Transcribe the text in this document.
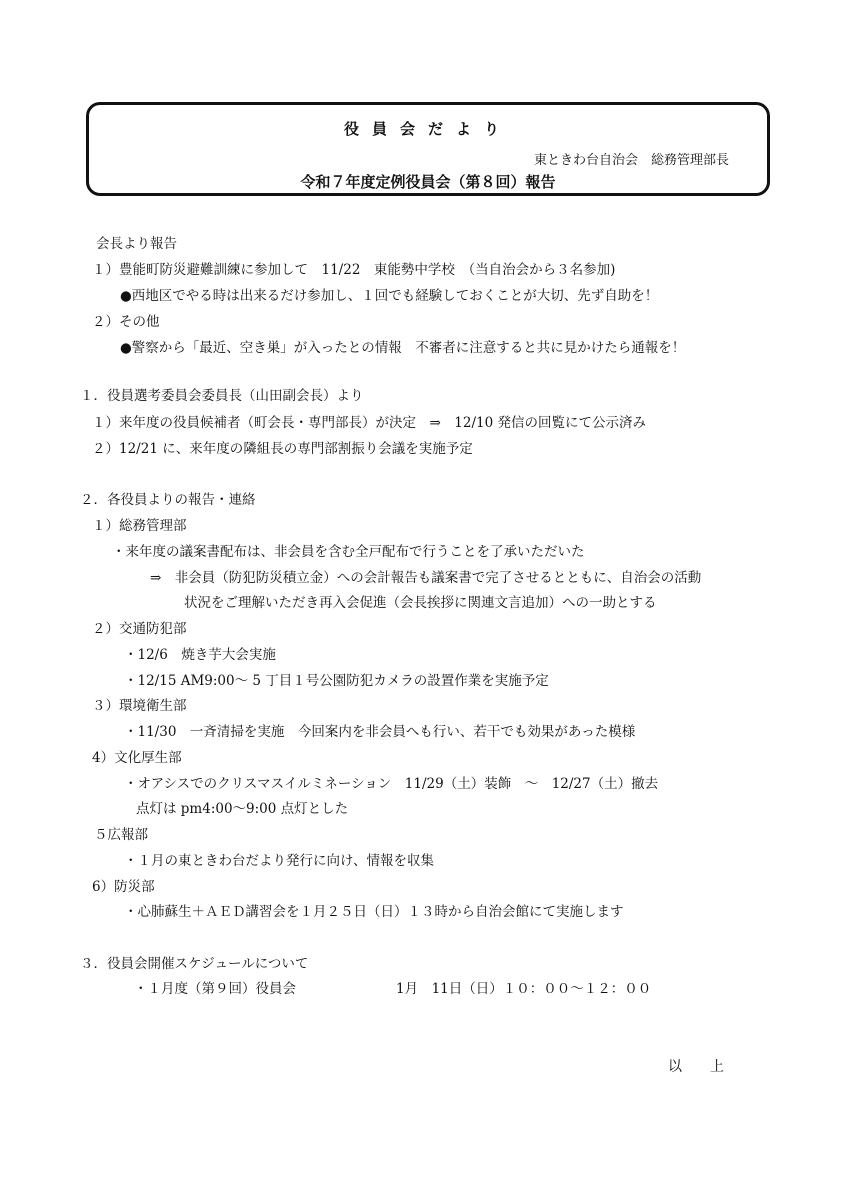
役員会だより
東ときわ台自治会　総務管理部長
令和７年度定例役員会（第８回）報告
会長より報告
１）豊能町防災避難訓練に参加して　11/22　東能勢中学校　（当自治会から３名参加)
●西地区でやる時は出来るだけ参加し、１回でも経験しておくことが大切、先ず自助を！
２）その他
●警察から「最近、空き巣」が入ったとの情報　不審者に注意すると共に見かけたら通報を！
１．役員選考委員会委員長（山田副会長）より
１）来年度の役員候補者（町会長・専門部長）が決定　⇒　12/10 発信の回覧にて公示済み
２）12/21 に、来年度の隣組長の専門部割振り会議を実施予定
２．各役員よりの報告・連絡
１）総務管理部
・来年度の議案書配布は、非会員を含む全戸配布で行うことを了承いただいた
⇒　非会員（防犯防災積立金）への会計報告も議案書で完了させるとともに、自治会の活動
状況をご理解いただき再入会促進（会長挨拶に関連文言追加）への一助とする
２）交通防犯部
・12/6　焼き芋大会実施
・12/15 AM9:00～ 5 丁目１号公園防犯カメラの設置作業を実施予定
３）環境衛生部
・11/30　一斉清掃を実施　今回案内を非会員へも行い、若干でも効果があった模様
4）文化厚生部
・オアシスでのクリスマスイルミネーション　11/29（土）装飾　～　12/27（土）撤去
点灯は pm4:00～9:00 点灯とした
５広報部
・１月の東ときわ台だより発行に向け、情報を収集
6）防災部
・心肺蘇生＋ＡＥＤ講習会を１月２５日（日）１３時から自治会館にて実施します
３．役員会開催スケジュールについて
・１月度（第９回）役員会	1月　11日（日）１０：００～１２：００
以上
